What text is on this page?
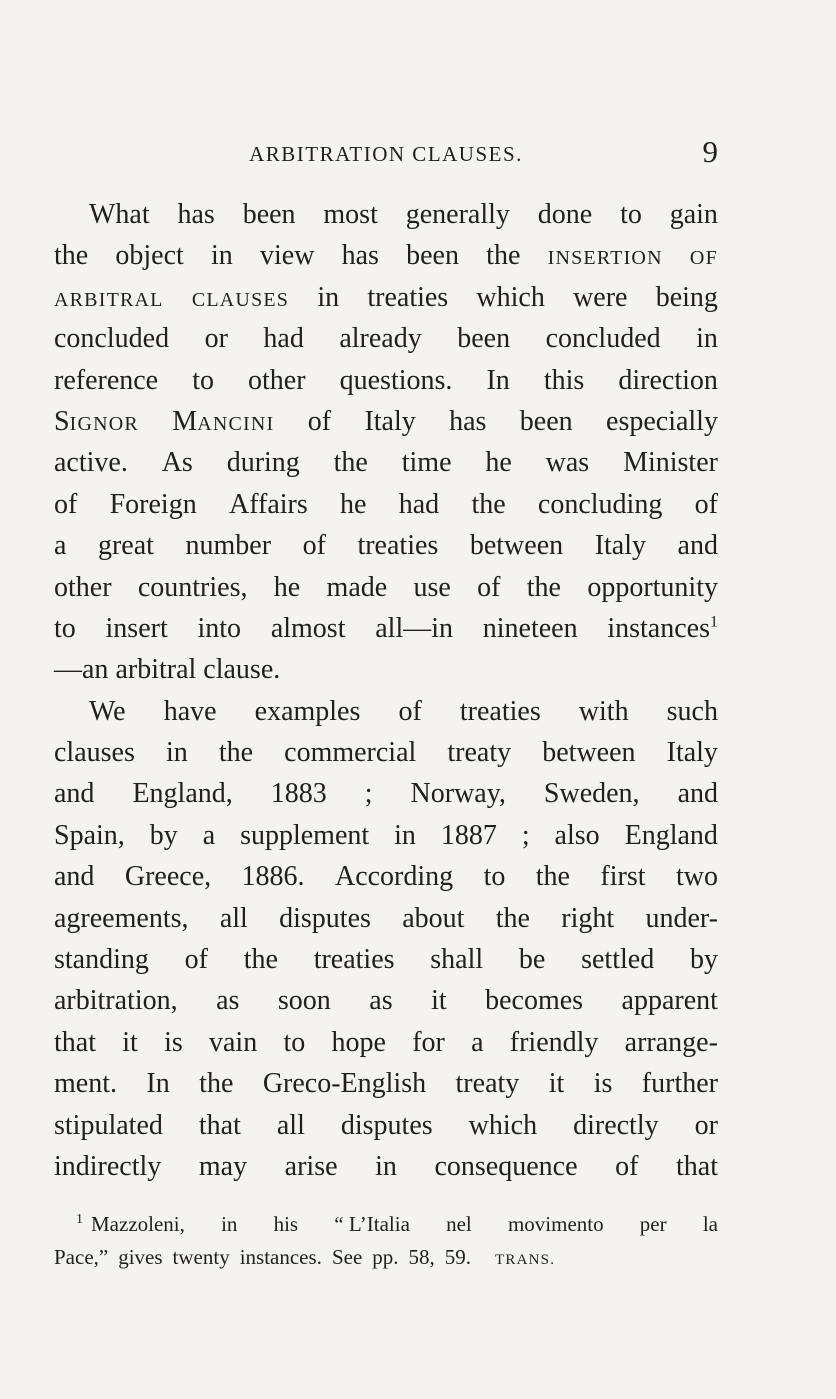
ARBITRATION CLAUSES.	9
What has been most generally done to gain
the object in view has been the INSERTION OF
ARBITRAL CLAUSES in treaties which were being
concluded or had already been concluded in
reference to other questions. In this direction
SIGNOR MANCINI of Italy has been especially
active. As during the time he was Minister
of Foreign Affairs he had the concluding of
a great number of treaties between Italy and
other countries, he made use of the opportunity
to insert into almost all—in nineteen instances$^1$
—an
arbitral
clause.
We have examples of treaties with such
clauses in the commercial treaty between Italy
and England, 1883 ; Norway, Sweden, and
Spain, by a supplement in 1887 ; also England
and Greece, 1886. According to the first two
agreements, all disputes about the right under-
standing of the treaties shall be settled by
arbitration, as soon as it becomes apparent
that it is vain to hope for a friendly arrange-
ment. In the Greco-English treaty it is further
stipulated that all disputes which directly or
indirectly may arise in consequence of that
$^1$ Mazzoleni, in his “ L’Italia nel movimento per la
Pace,” gives twenty instances. See pp. 58, 59. TRANS.
